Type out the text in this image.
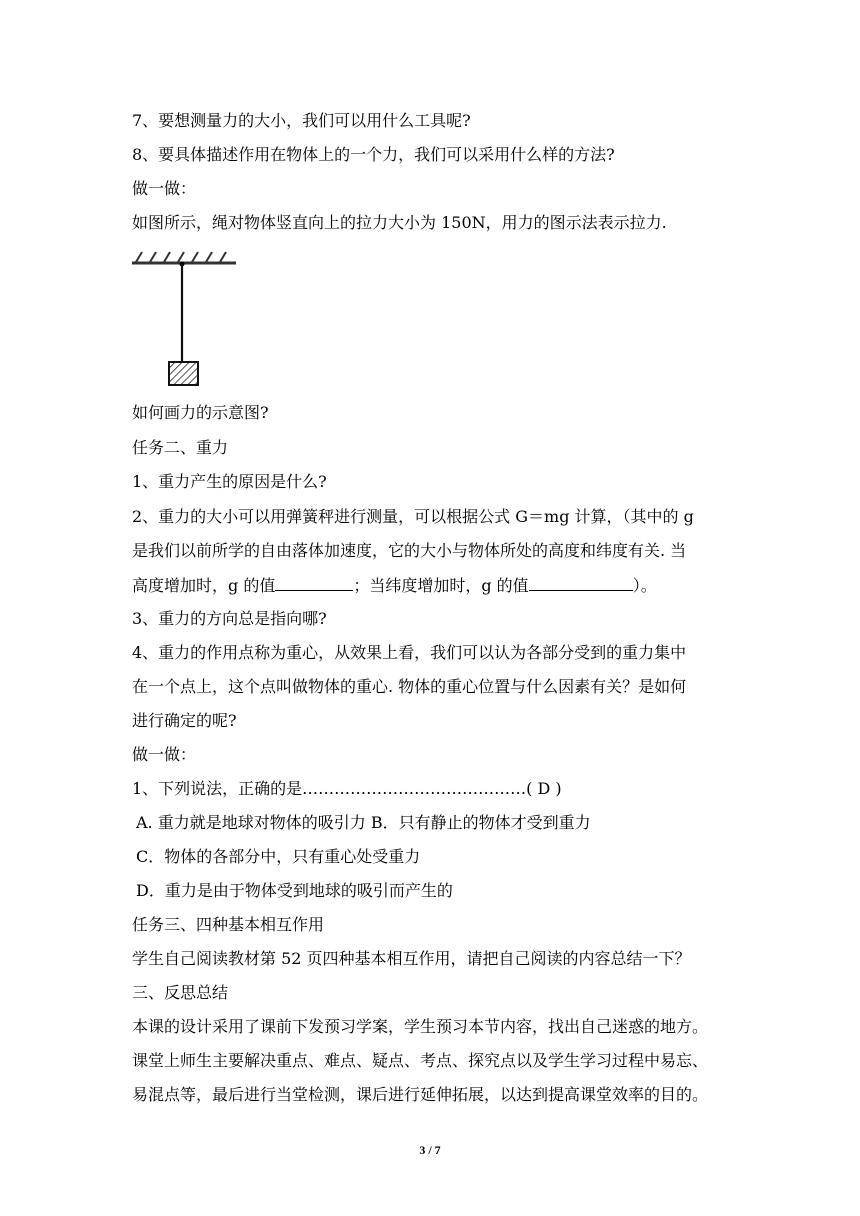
7、要想测量力的大小，我们可以用什么工具呢?
8、要具体描述作用在物体上的一个力，我们可以采用什么样的方法?
做一做：
如图所示，绳对物体竖直向上的拉力大小为 150N，用力的图示法表示拉力.
如何画力的示意图?
任务二、重力
1、重力产生的原因是什么?
2、重力的大小可以用弹簧秤进行测量，可以根据公式 G＝mg 计算，（其中的 g
是我们以前所学的自由落体加速度，它的大小与物体所处的高度和纬度有关. 当
高度增加时，g 的值	；当纬度增加时，g 的值	）。
3、重力的方向总是指向哪?
4、重力的作用点称为重心，从效果上看，我们可以认为各部分受到的重力集中
在一个点上，这个点叫做物体的重心. 物体的重心位置与什么因素有关？是如何
进行确定的呢?
做一做：
1、下列说法，正确的是……………………………………( D )
A. 重力就是地球对物体的吸引力 B．只有静止的物体才受到重力
C．物体的各部分中，只有重心处受重力
D．重力是由于物体受到地球的吸引而产生的
任务三、四种基本相互作用
学生自己阅读教材第 52 页四种基本相互作用，请把自己阅读的内容总结一下？
三、反思总结
本课的设计采用了课前下发预习学案，学生预习本节内容，找出自己迷惑的地方。
课堂上师生主要解决重点、难点、疑点、考点、探究点以及学生学习过程中易忘、
易混点等，最后进行当堂检测，课后进行延伸拓展，以达到提高课堂效率的目的。
3 / 7
